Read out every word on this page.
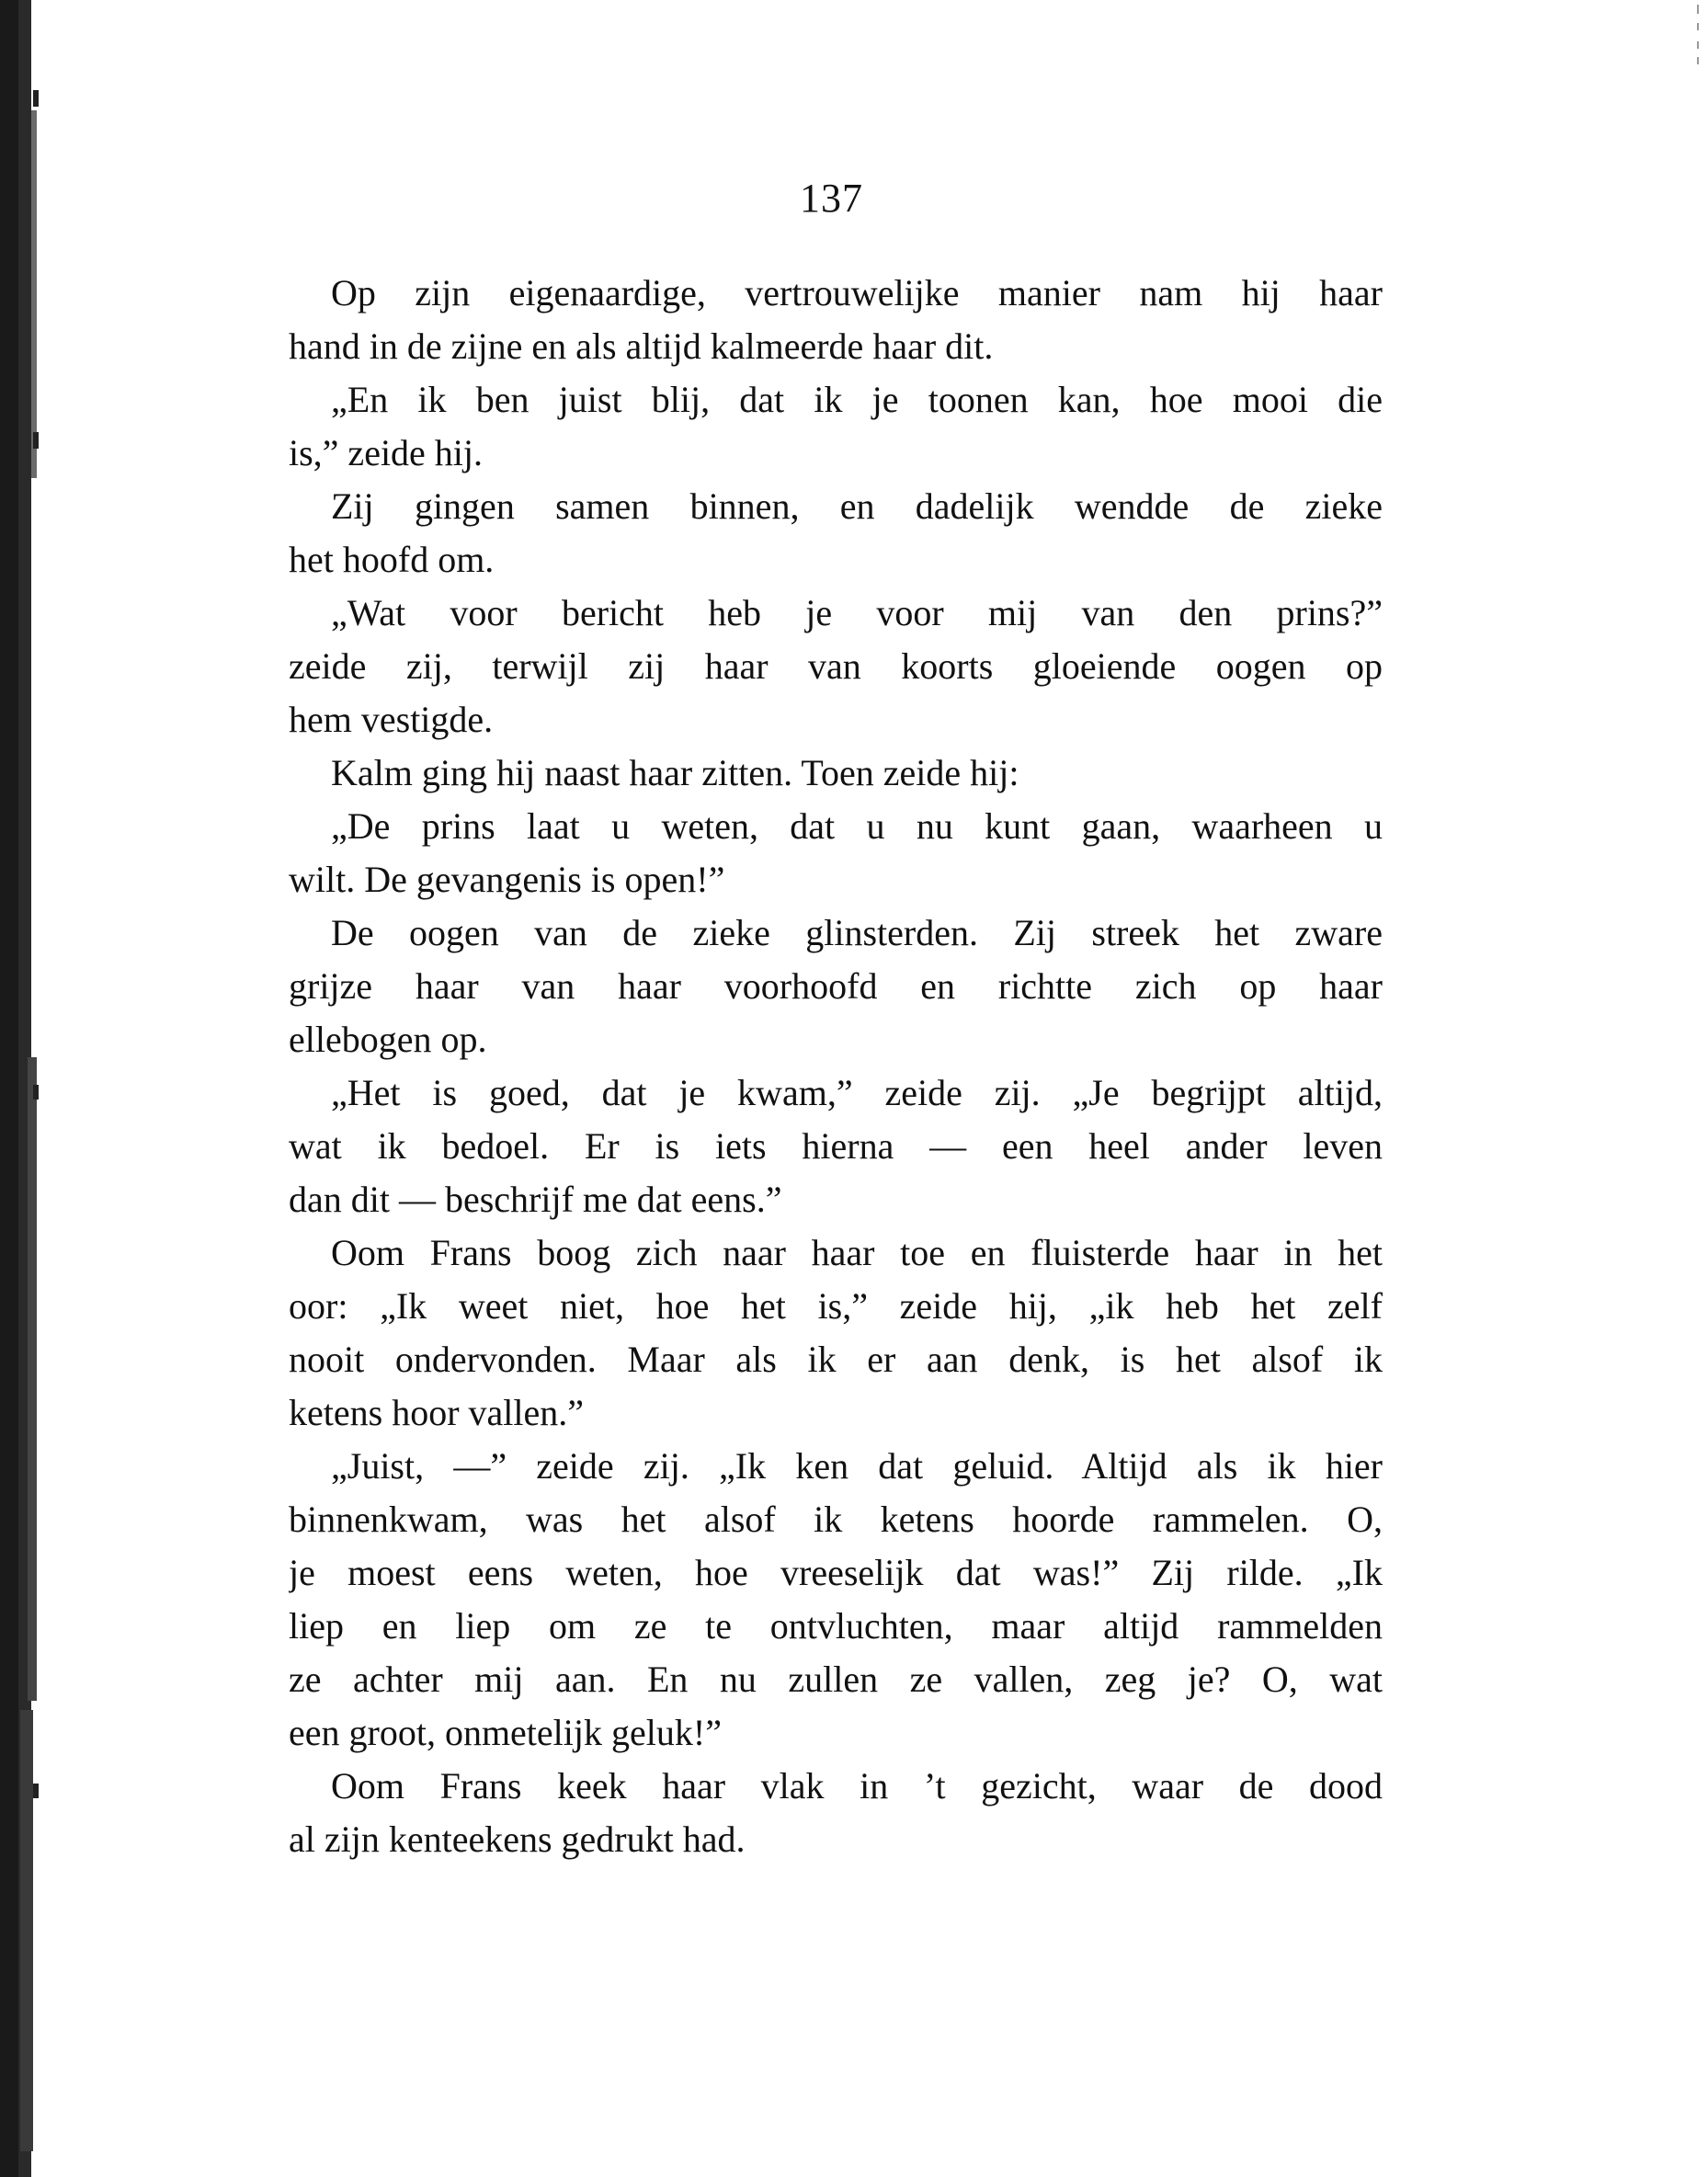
137
Op zijn eigenaardige, vertrouwelijke manier nam hij haar
hand in de zijne en als altijd kalmeerde haar dit.
„En ik ben juist blij, dat ik je toonen kan, hoe mooi die
is,” zeide hij.
Zij gingen samen binnen, en dadelijk wendde de zieke
het hoofd om.
„Wat voor bericht heb je voor mij van den prins?”
zeide zij, terwijl zij haar van koorts gloeiende oogen op
hem vestigde.
Kalm ging hij naast haar zitten. Toen zeide hij:
„De prins laat u weten, dat u nu kunt gaan, waarheen u
wilt. De gevangenis is open!”
De oogen van de zieke glinsterden. Zij streek het zware
grijze haar van haar voorhoofd en richtte zich op haar
ellebogen op.
„Het is goed, dat je kwam,” zeide zij. „Je begrijpt altijd,
wat ik bedoel. Er is iets hierna — een heel ander leven
dan dit — beschrijf me dat eens.”
Oom Frans boog zich naar haar toe en fluisterde haar in het
oor: „Ik weet niet, hoe het is,” zeide hij, „ik heb het zelf
nooit ondervonden. Maar als ik er aan denk, is het alsof ik
ketens hoor vallen.”
„Juist, —” zeide zij. „Ik ken dat geluid. Altijd als ik hier
binnenkwam, was het alsof ik ketens hoorde rammelen. O,
je moest eens weten, hoe vreeselijk dat was!” Zij rilde. „Ik
liep en liep om ze te ontvluchten, maar altijd rammelden
ze achter mij aan. En nu zullen ze vallen, zeg je? O, wat
een groot, onmetelijk geluk!”
Oom Frans keek haar vlak in ’t gezicht, waar de dood
al zijn kenteekens gedrukt had.
